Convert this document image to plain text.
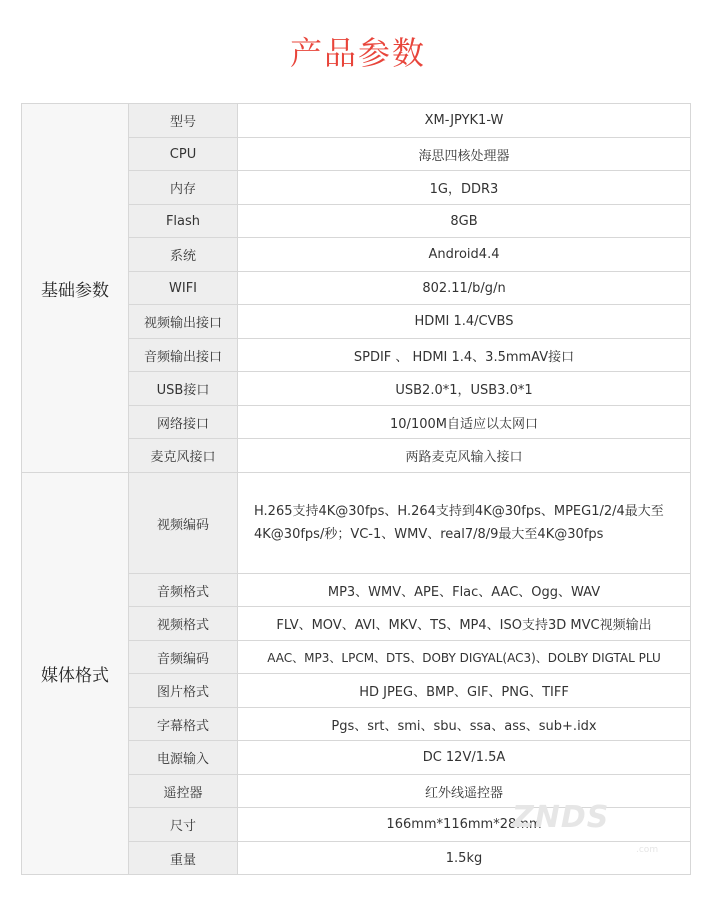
产品参数
基础参数	型号	XM-JPYK1-W
	CPU	海思四核处理器
	内存	1G，DDR3
	Flash	8GB
	系统	Android4.4
	WIFI	802.11/b/g/n
	视频输出接口	HDMI 1.4/CVBS
	音频输出接口	SPDIF 、 HDMI 1.4、3.5mmAV接口
	USB接口	USB2.0*1，USB3.0*1
	网络接口	10/100M自适应以太网口
	麦克风接口	两路麦克风输入接口
媒体格式	视频编码	H.265支持4K@30fps、H.264支持到4K@30fps、MPEG1/2/4最大至4K@30fps/秒；VC-1、WMV、real7/8/9最大至4K@30fps
	音频格式	MP3、WMV、APE、Flac、AAC、Ogg、WAV
	视频格式	FLV、MOV、AVI、MKV、TS、MP4、ISO支持3D MVC视频输出
	音频编码	AAC、MP3、LPCM、DTS、DOBY DIGYAL(AC3)、DOLBY DIGTAL PLU
	图片格式	HD JPEG、BMP、GIF、PNG、TIFF
	字幕格式	Pgs、srt、smi、sbu、ssa、ass、sub+.idx
	电源输入	DC 12V/1.5A
	遥控器	红外线遥控器
	尺寸	166mm*116mm*28mm
	重量	1.5kg
ZNDS
.com
